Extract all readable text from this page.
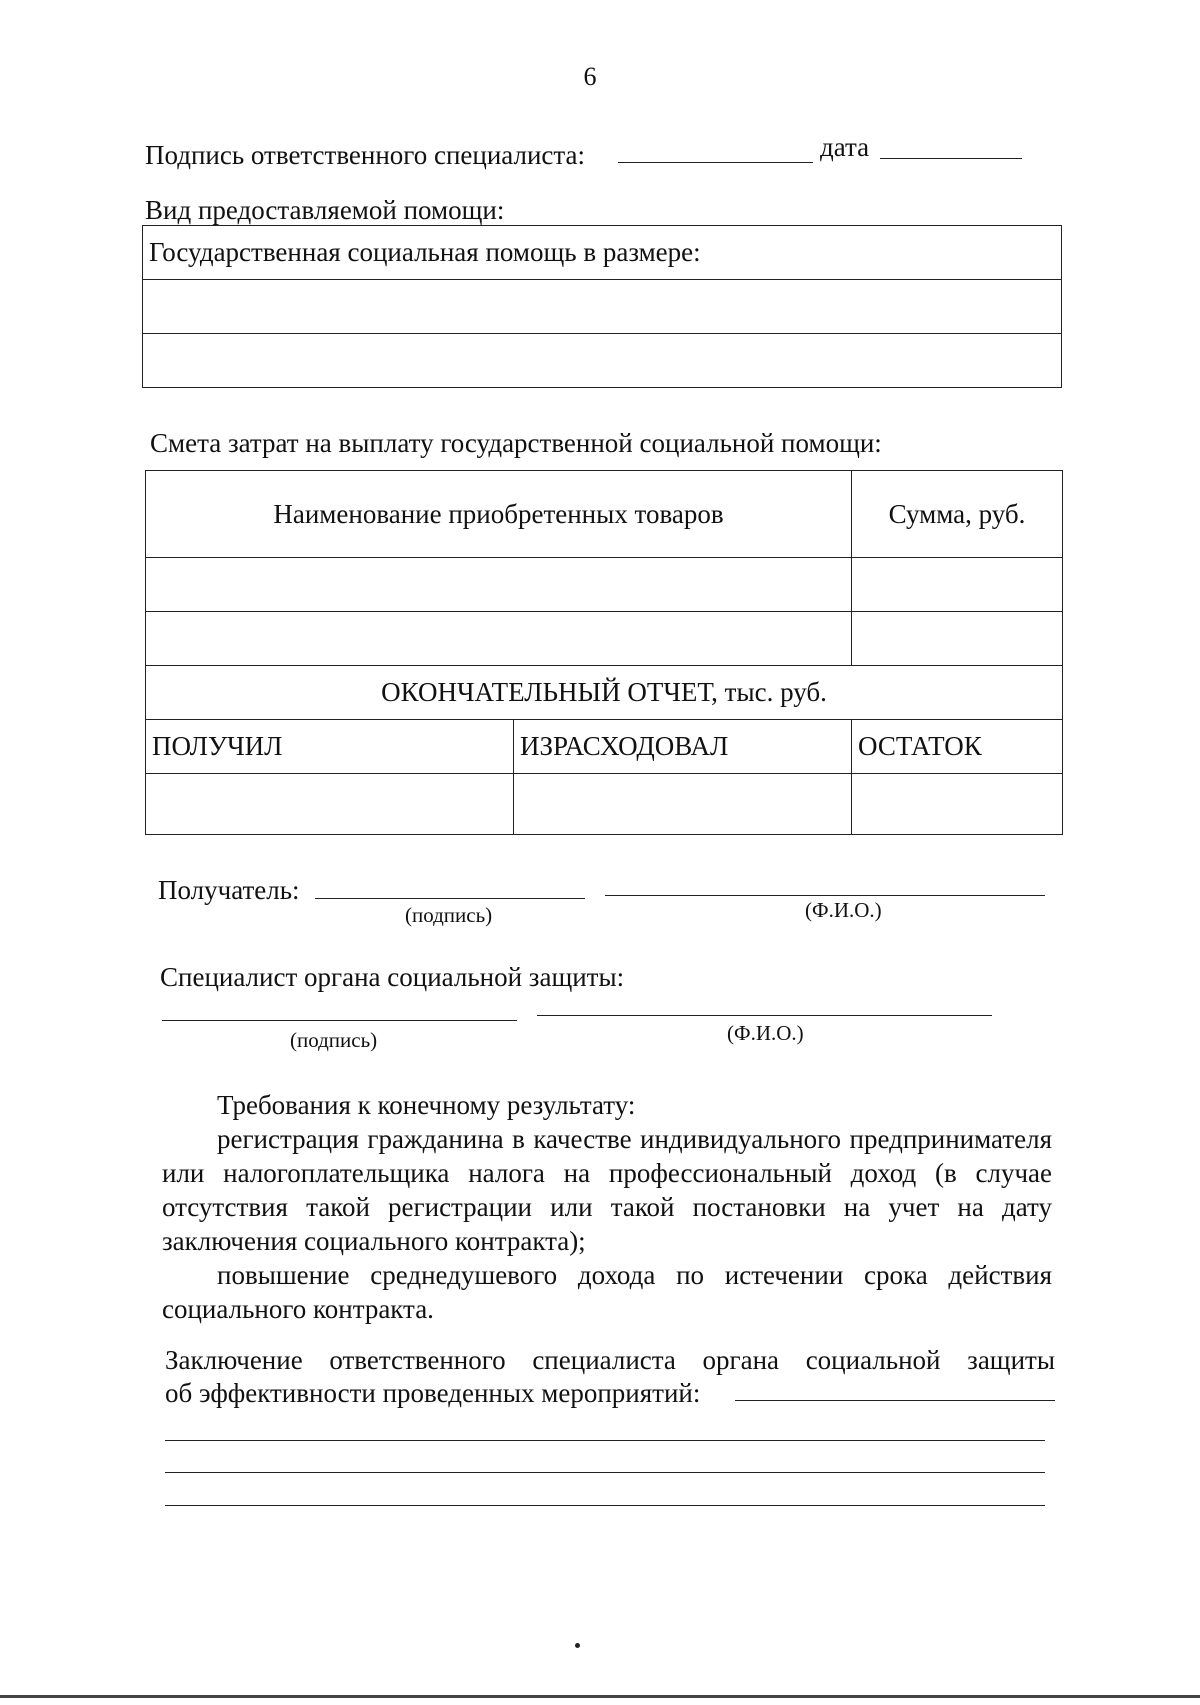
6
Подпись ответственного специалиста:	дата
Вид предоставляемой помощи:
Государственная социальная помощь в размере:

Смета затрат на выплату государственной социальной помощи:
Наименование приобретенных товаров		Сумма, руб.

ОКОНЧАТЕЛЬНЫЙ ОТЧЕТ, тыс. руб.		
ПОЛУЧИЛ	ИЗРАСХОДОВАЛ	ОСТАТОК

Получатель:
(подпись)	(Ф.И.О.)
Специалист органа социальной защиты:
(подпись)	(Ф.И.О.)

Требования к конечному результату:

регистрация гражданина в качестве индивидуального предпринимателя или налогоплательщика налога на профессиональный доход (в случае отсутствия такой регистрации или такой постановки на учет на дату заключения социального контракта);

повышение среднедушевого дохода по истечении срока действия социального контракта.

Заключение ответственного специалиста органа социальной защиты
об эффективности проведенных мероприятий:
